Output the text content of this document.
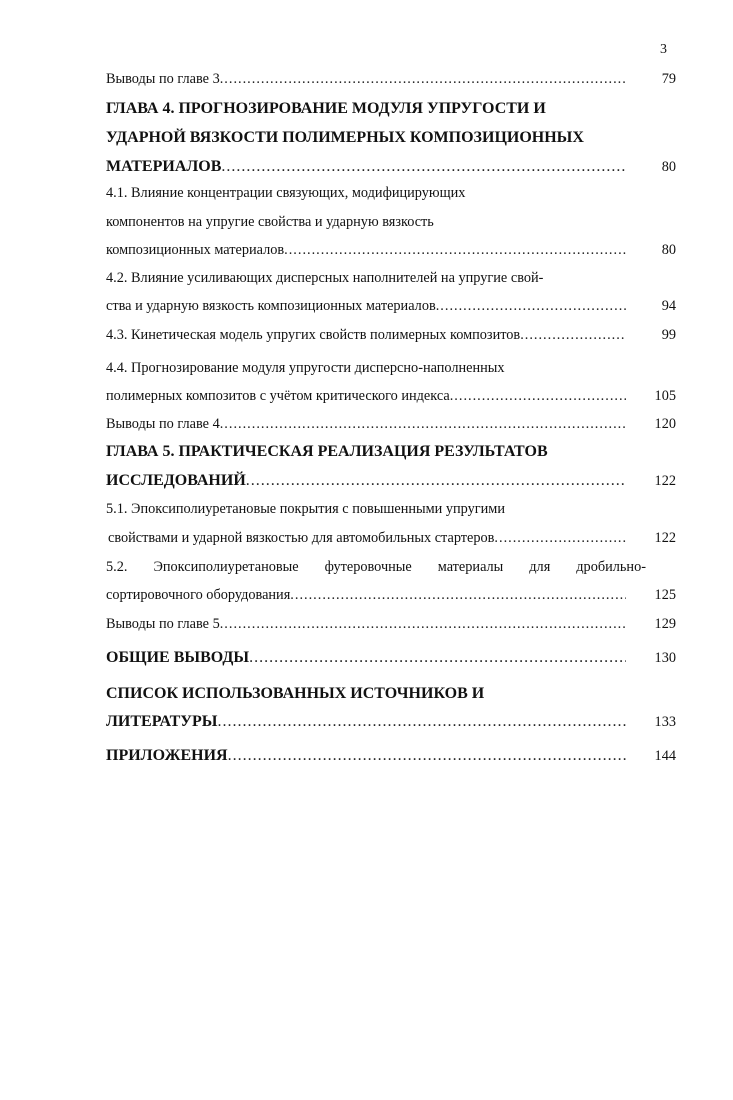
3
Выводы по главе 3 .....	79
ГЛАВА 4. ПРОГНОЗИРОВАНИЕ МОДУЛЯ УПРУГОСТИ И
УДАРНОЙ ВЯЗКОСТИ ПОЛИМЕРНЫХ КОМПОЗИЦИОННЫХ
МАТЕРИАЛОВ .....	80
4.1. Влияние концентрации связующих, модифицирующих
компонентов на упругие свойства и ударную вязкость
композиционных материалов .....	80
4.2. Влияние усиливающих дисперсных наполнителей на упругие свой-
ства и ударную вязкость композиционных материалов .....	94
4.3. Кинетическая модель упругих свойств полимерных композитов .....	99
4.4. Прогнозирование модуля упругости дисперсно-наполненных
полимерных композитов с учётом критического индекса .....	105
Выводы по главе 4 .....	120
ГЛАВА 5. ПРАКТИЧЕСКАЯ РЕАЛИЗАЦИЯ РЕЗУЛЬТАТОВ
ИССЛЕДОВАНИЙ .....	122
5.1. Эпоксиполиуретановые покрытия с повышенными упругими
свойствами и ударной вязкостью для автомобильных стартеров .....	122
5.2. Эпоксиполиуретановые футеровочные материалы для дробильно-
сортировочного оборудования .....	125
Выводы по главе 5 .....	129
ОБЩИЕ ВЫВОДЫ .....	130
СПИСОК ИСПОЛЬЗОВАННЫХ ИСТОЧНИКОВ И
ЛИТЕРАТУРЫ .....	133
ПРИЛОЖЕНИЯ .....	144
